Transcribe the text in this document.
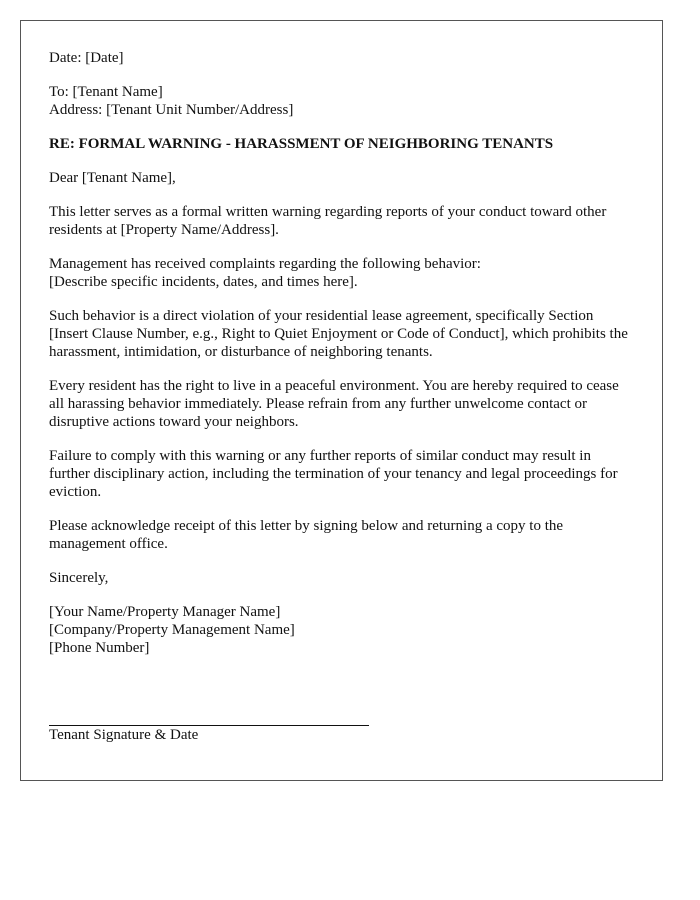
Date: [Date]

To: [Tenant Name]
Address: [Tenant Unit Number/Address]

RE: FORMAL WARNING - HARASSMENT OF NEIGHBORING TENANTS

Dear [Tenant Name],

This letter serves as a formal written warning regarding reports of your conduct toward other residents at [Property Name/Address].

Management has received complaints regarding the following behavior:
[Describe specific incidents, dates, and times here].

Such behavior is a direct violation of your residential lease agreement, specifically Section [Insert Clause Number, e.g., Right to Quiet Enjoyment or Code of Conduct], which prohibits the harassment, intimidation, or disturbance of neighboring tenants.

Every resident has the right to live in a peaceful environment. You are hereby required to cease all harassing behavior immediately. Please refrain from any further unwelcome contact or disruptive actions toward your neighbors.

Failure to comply with this warning or any further reports of similar conduct may result in further disciplinary action, including the termination of your tenancy and legal proceedings for eviction.

Please acknowledge receipt of this letter by signing below and returning a copy to the management office.

Sincerely,

[Your Name/Property Manager Name]
[Company/Property Management Name]
[Phone Number]

Tenant Signature & Date
